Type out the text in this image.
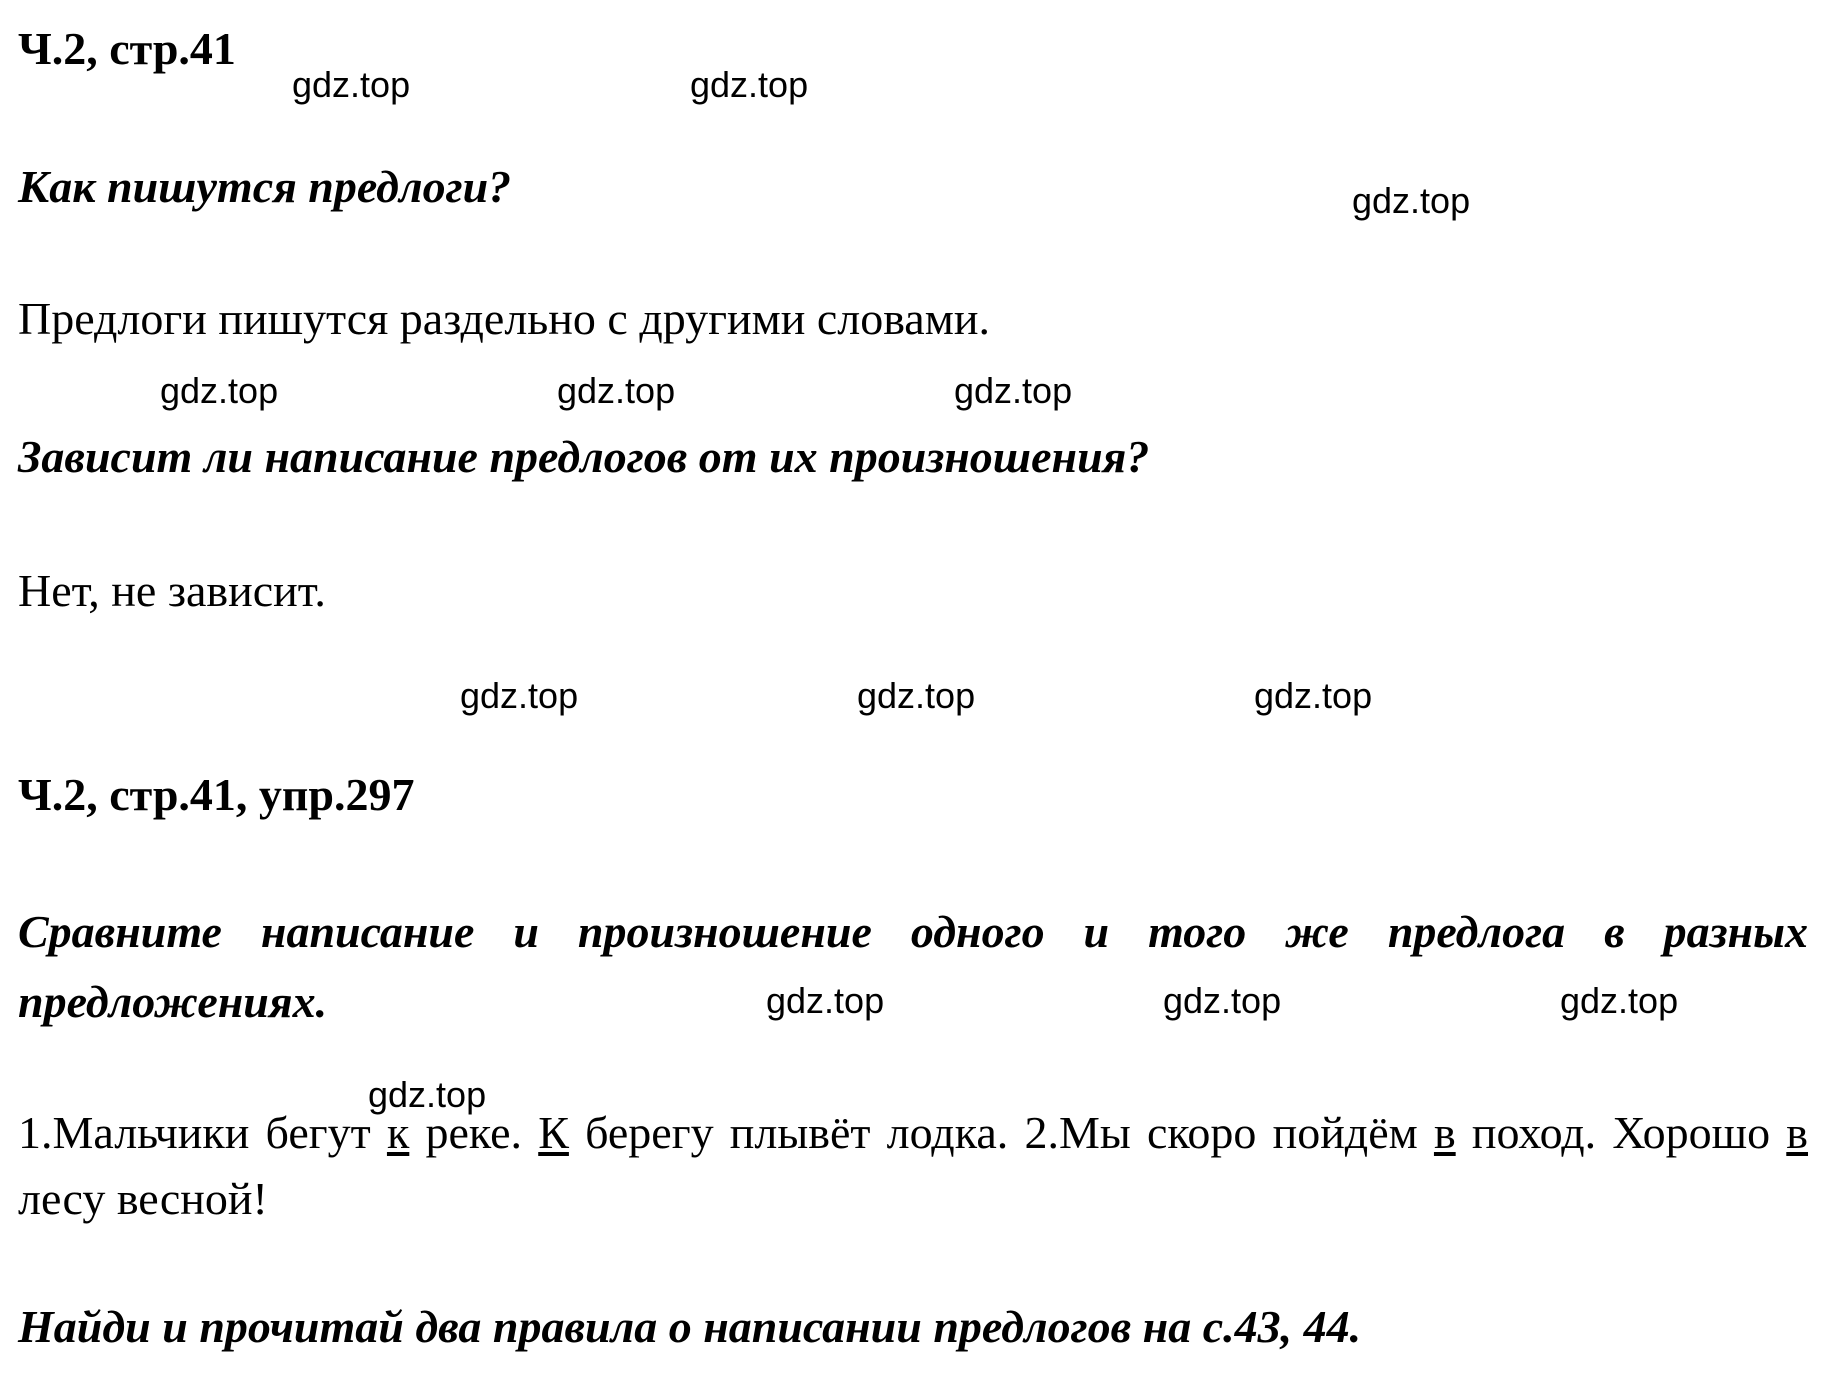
Ч.2, стр.41
Как пишутся предлоги?
Предлоги пишутся раздельно с другими словами.
Зависит ли написание предлогов от их произношения?
Нет, не зависит.
Ч.2, стр.41, упр.297

Сравните написание и произношение одного и того же предлога в разных предложениях.

1.Мальчики бегут к реке. К берегу плывёт лодка. 2.Мы скоро пойдём в поход. Хорошо в лесу весной!

Найди и прочитай два правила о написании предлогов на с.43, 44.
gdz.top	gdz.top
gdz.top
gdz.top	gdz.top	gdz.top
gdz.top	gdz.top	gdz.top
gdz.top	gdz.top	gdz.top
gdz.top
